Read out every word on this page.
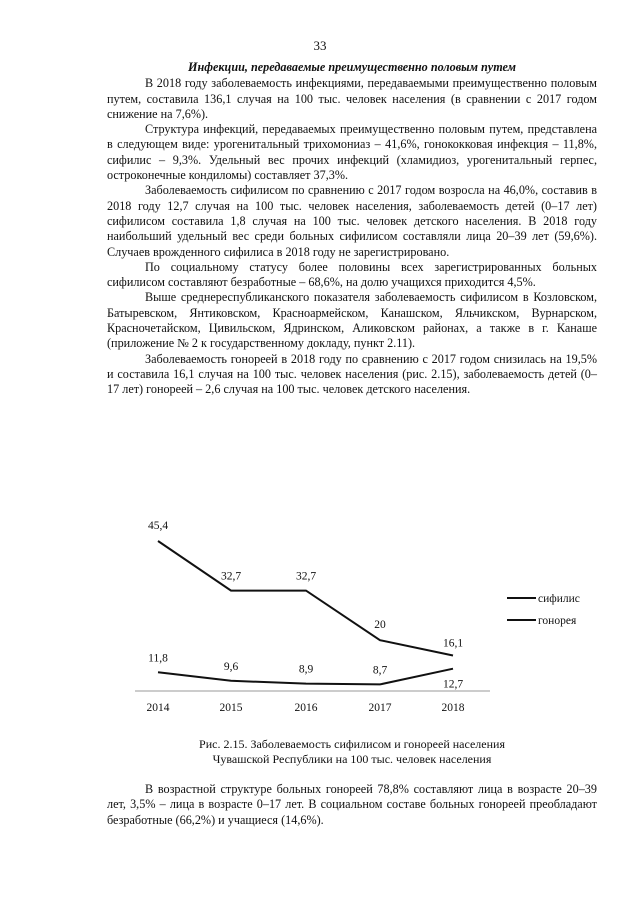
33

Инфекции, передаваемые преимущественно половым путем

В 2018 году заболеваемость инфекциями, передаваемыми преимущественно половым путем, составила 136,1 случая на 100 тыс. человек населения (в сравнении с 2017 годом снижение на 7,6%).

Структура инфекций, передаваемых преимущественно половым путем, представлена в следующем виде: урогенитальный трихомониаз – 41,6%, гонококковая инфекция – 11,8%, сифилис – 9,3%. Удельный вес прочих инфекций (хламидиоз, урогенитальный герпес, остроконечные кондиломы) составляет 37,3%.

Заболеваемость сифилисом по сравнению с 2017 годом возросла на 46,0%, составив в 2018 году 12,7 случая на 100 тыс. человек населения, заболеваемость детей (0–17 лет) сифилисом составила 1,8 случая на 100 тыс. человек детского населения. В 2018 году наибольший удельный вес среди больных сифилисом составляли лица 20–39 лет (59,6%). Случаев врожденного сифилиса в 2018 году не зарегистрировано.

По социальному статусу более половины всех зарегистрированных больных сифилисом составляют безработные – 68,6%, на долю учащихся приходится 4,5%.

Выше среднереспубликанского показателя заболеваемость сифилисом в Козловском, Батыревском, Янтиковском, Красноармейском, Канашском, Яльчикском, Вурнарском, Красночетайском, Цивильском, Ядринском, Аликовском районах, а также в г. Канаше (приложение № 2 к государственному докладу, пункт 2.11).

Заболеваемость гонореей в 2018 году по сравнению с 2017 годом снизилась на 19,5% и составила 16,1 случая на 100 тыс. человек населения (рис. 2.15), заболеваемость детей (0–17 лет) гонореей – 2,6 случая на 100 тыс. человек детского населения.

45,4
32,7	32,7
20
16,1
сифилис
11,8
9,6	8,9	8,7
12,7
гонорея
2014	2015	2016	2017	2018

Рис. 2.15. Заболеваемость сифилисом и гонореей населения

Чувашской Республики на 100 тыс. человек населения

В возрастной структуре больных гонореей 78,8% составляют лица в возрасте 20–39 лет, 3,5% – лица в возрасте 0–17 лет. В социальном составе больных гонореей преобладают безработные (66,2%) и учащиеся (14,6%).
